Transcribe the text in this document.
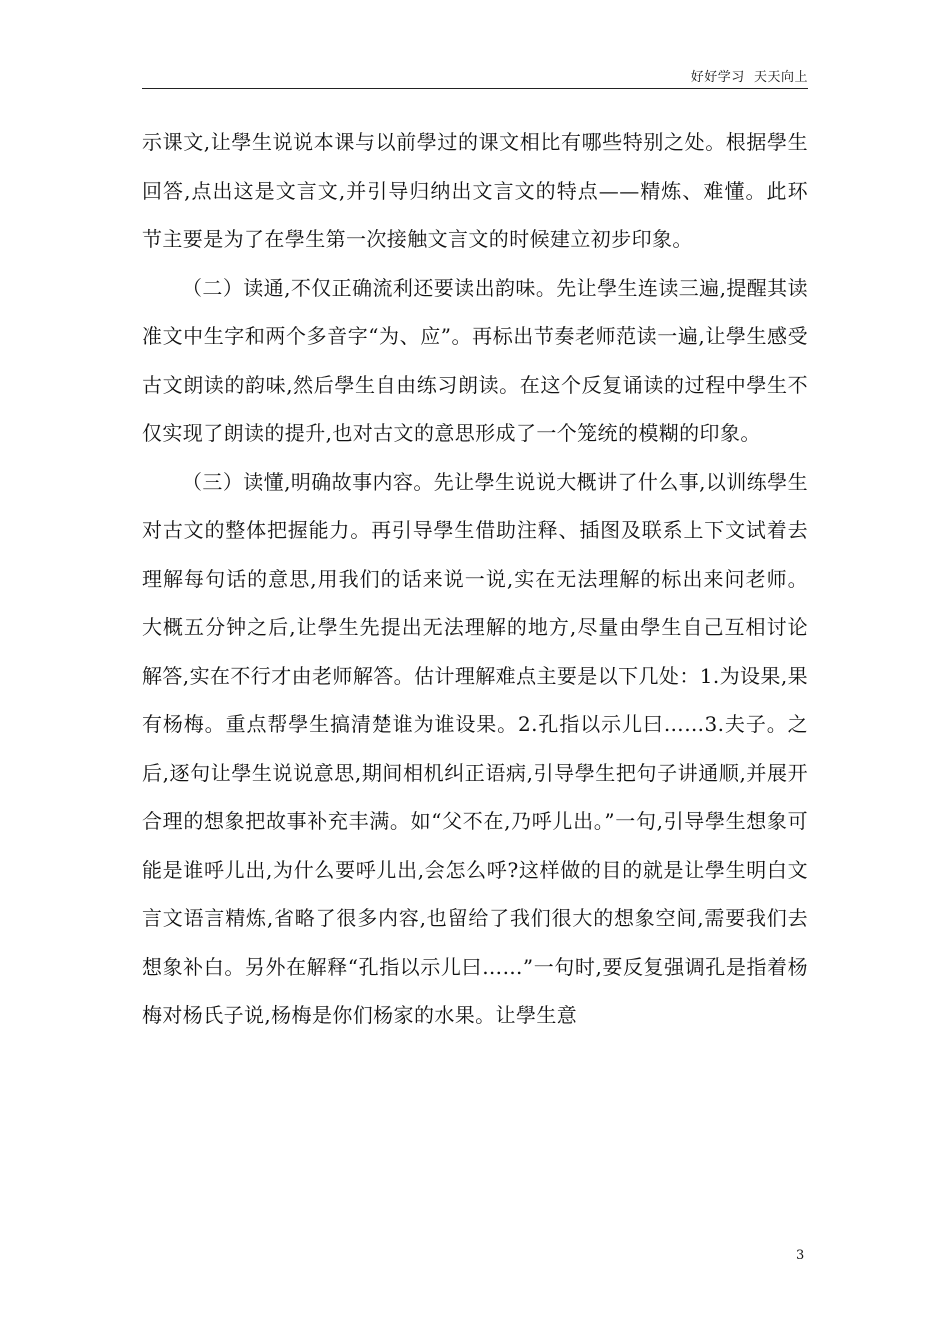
好好学习  天天向上

示课文,让學生说说本课与以前學过的课文相比有哪些特别之处。根据學生回答,点出这是文言文,并引导归纳出文言文的特点——精炼、难懂。此环节主要是为了在學生第一次接触文言文的时候建立初步印象。

（二）读通,不仅正确流利还要读出韵味。先让學生连读三遍,提醒其读准文中生字和两个多音字“为、应”。再标出节奏老师范读一遍,让學生感受古文朗读的韵味,然后學生自由练习朗读。在这个反复诵读的过程中學生不仅实现了朗读的提升,也对古文的意思形成了一个笼统的模糊的印象。

（三）读懂,明确故事内容。先让學生说说大概讲了什么事,以训练學生对古文的整体把握能力。再引导學生借助注释、插图及联系上下文试着去理解每句话的意思,用我们的话来说一说,实在无法理解的标出来问老师。大概五分钟之后,让學生先提出无法理解的地方,尽量由學生自己互相讨论解答,实在不行才由老师解答。估计理解难点主要是以下几处：1.为设果,果有杨梅。重点帮學生搞清楚谁为谁设果。2.孔指以示儿曰……3.夫子。之后,逐句让學生说说意思,期间相机纠正语病,引导學生把句子讲通顺,并展开合理的想象把故事补充丰满。如“父不在,乃呼儿出。”一句,引导學生想象可能是谁呼儿出,为什么要呼儿出,会怎么呼?这样做的目的就是让學生明白文言文语言精炼,省略了很多内容,也留给了我们很大的想象空间,需要我们去想象补白。另外在解释“孔指以示儿曰……”一句时,要反复强调孔是指着杨梅对杨氏子说,杨梅是你们杨家的水果。让學生意

3
